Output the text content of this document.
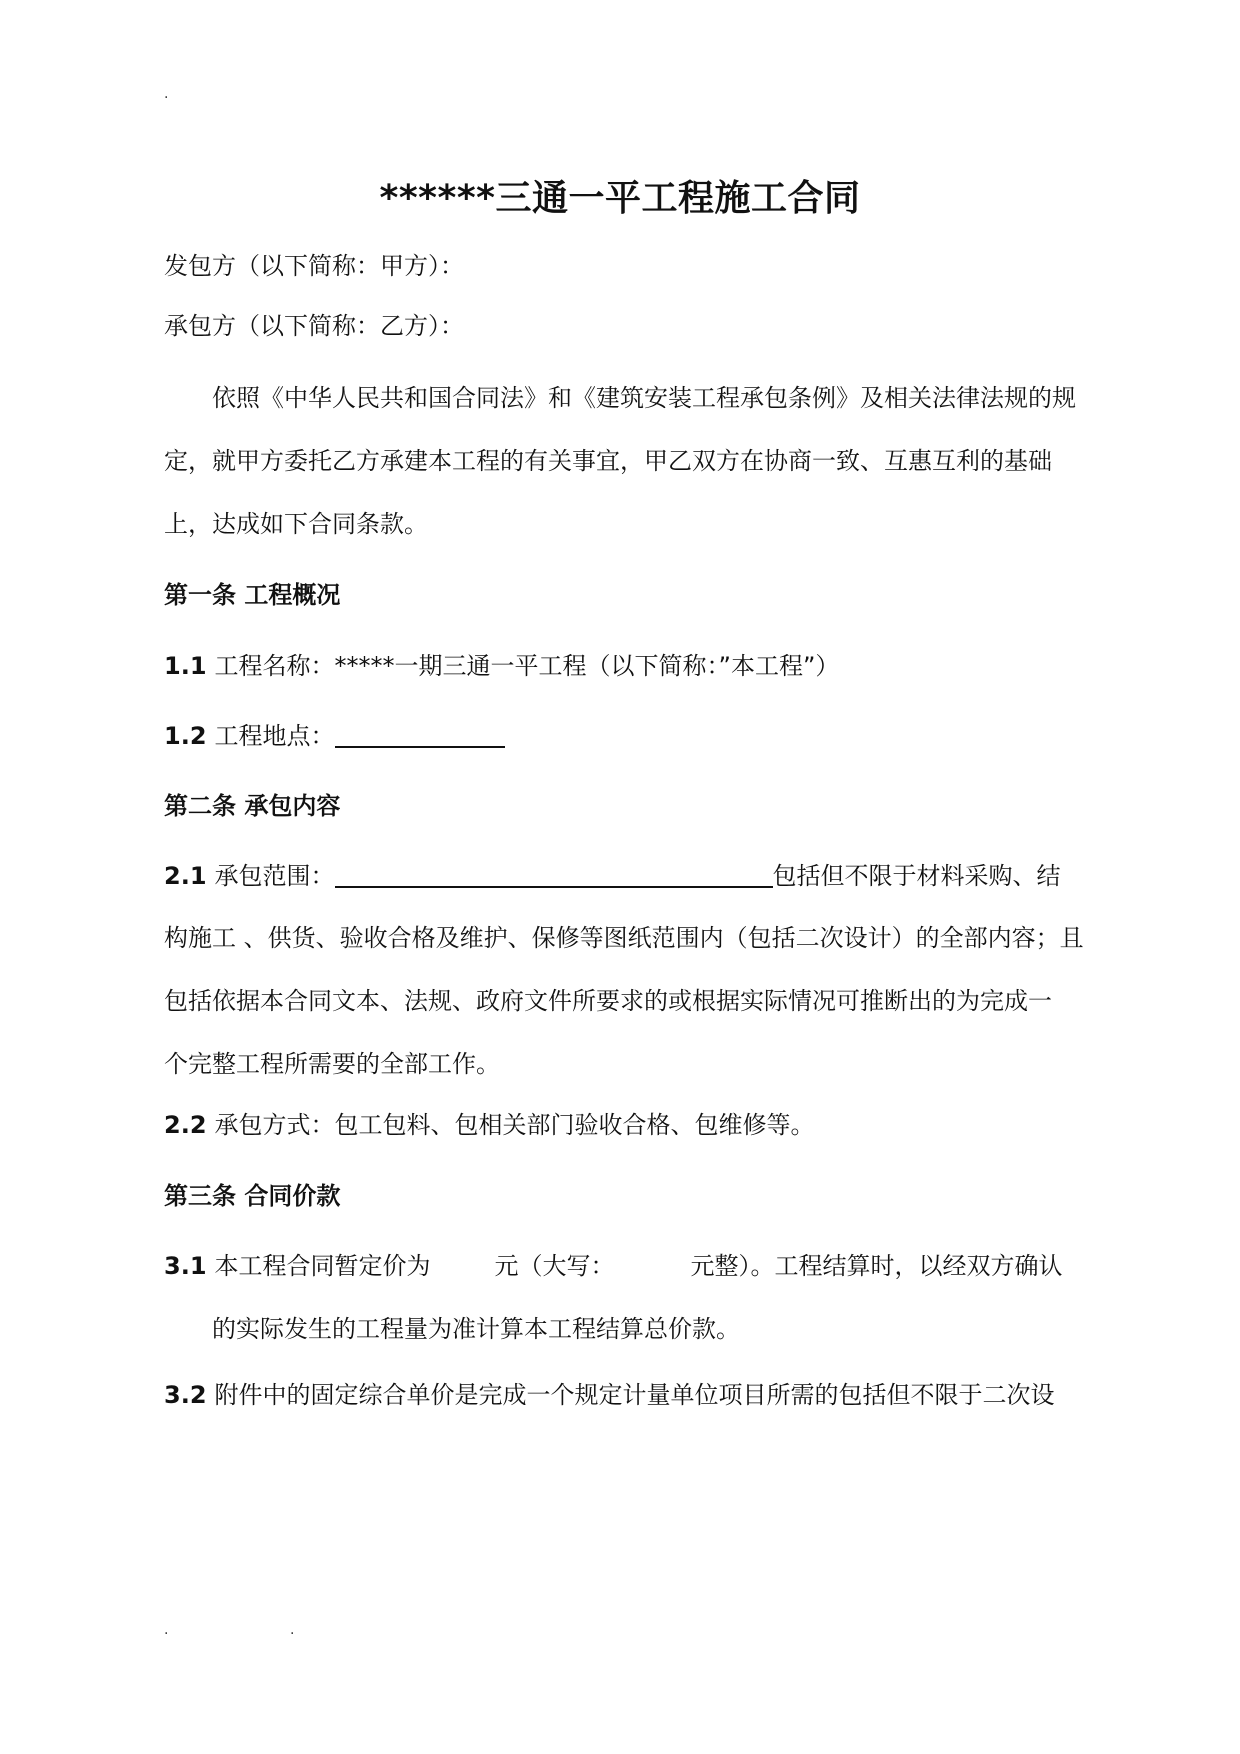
.
******三通一平工程施工合同
发包方（以下简称：甲方）：
承包方（以下简称：乙方）：
依照《中华人民共和国合同法》和《建筑安装工程承包条例》及相关法律法规的规
定，就甲方委托乙方承建本工程的有关事宜，甲乙双方在协商一致、互惠互利的基础
上，达成如下合同条款。
第一条 工程概况
1.1 工程名称：*****一期三通一平工程（以下简称：”本工程”）
1.2 工程地点：
第二条 承包内容
2.1 承包范围：	包括但不限于材料采购、结
构施工 、供货、验收合格及维护、保修等图纸范围内（包括二次设计）的全部内容；且
包括依据本合同文本、法规、政府文件所要求的或根据实际情况可推断出的为完成一
个完整工程所需要的全部工作。
2.2 承包方式：包工包料、包相关部门验收合格、包维修等。
第三条 合同价款
3.1 本工程合同暂定价为	元（大写：	元整）。工程结算时，以经双方确认
的实际发生的工程量为准计算本工程结算总价款。
3.2 附件中的固定综合单价是完成一个规定计量单位项目所需的包括但不限于二次设
.	.
